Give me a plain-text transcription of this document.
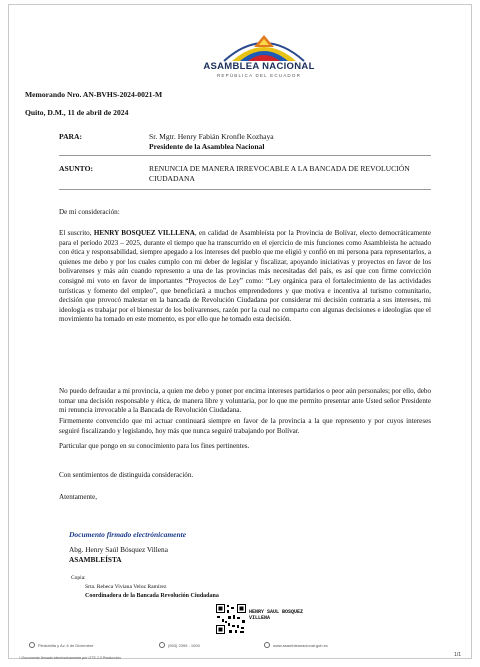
ASAMBLEA NACIONAL
REPÚBLICA DEL ECUADOR
Memorando Nro. AN-BVHS-2024-0021-M
Quito, D.M., 11 de abril de 2024
PARA:	Sr. Mgtr. Henry Fabián Kronfle Kozhaya
Presidente de la Asamblea Nacional
ASUNTO:	RENUNCIA DE MANERA IRREVOCABLE A LA BANCADA DE REVOLUCIÓN
CIUDADANA
De mi consideración:

El suscrito, HENRY BOSQUEZ VILLLENA, en calidad de Asambleísta por la Provincia de Bolívar, electo democráticamente para el período 2023 – 2025, durante el tiempo que ha transcurrido en el ejercicio de mis funciones como Asambleísta he actuado con ética y responsabilidad, siempre apegado a los intereses del pueblo que me eligió y confió en mi persona para representarlos, a quienes me debo y por los cuales cumplo con mi deber de legislar y fiscalizar, apoyando iniciativas y proyectos en favor de los bolivarenses y más aún cuando represento a una de las provincias más necesitadas del país, es así que con firme convicción consigné mi voto en favor de importantes “Proyectos de Ley” como: “Ley orgánica para el fortalecimiento de las actividades turísticas y fomento del empleo”, que beneficiará a muchos emprendedores y que motiva e incentiva al turismo comunitario, decisión que provocó malestar en la bancada de Revolución Ciudadana por considerar mi decisión contraria a sus intereses, mi ideología es trabajar por el bienestar de los bolivarenses, razón por la cual no comparto con algunas decisiones e ideologías que el movimiento ha tomado en este momento, es por ello que he tomado esta decisión.

No puedo defraudar a mi provincia, a quien me debo y poner por encima intereses partidarios o peor aún personales; por ello, debo tomar una decisión responsable y ética, de manera libre y voluntaria, por lo que me permito presentar ante Usted señor Presidente mi renuncia irrevocable a la Bancada de Revolución Ciudadana.
Firmemente convencido que mi actuar continuará siempre en favor de la provincia a la que represento y por cuyos intereses seguiré fiscalizando y legislando, hoy más que nunca seguiré trabajando por Bolívar.
Particular que pongo en su conocimiento para los fines pertinentes.
Con sentimientos de distinguida consideración.
Atentamente,
Documento firmado electrónicamente
Abg. Henry Saúl Bósquez Villena
ASAMBLEÍSTA
Copia:
Srta. Rebeca Viviana Veloz Ramírez
Coordinadora de la Bancada Revolución Ciudadana
HENRY SAUL BOSQUEZ VILLENA
Piedrahita y Av. 6 de Diciembre	(593) 2399 - 1000	www.asambleanacional.gob.ec
1/1
* Documento firmado electrónicamente por GTS 2.0 Producción
